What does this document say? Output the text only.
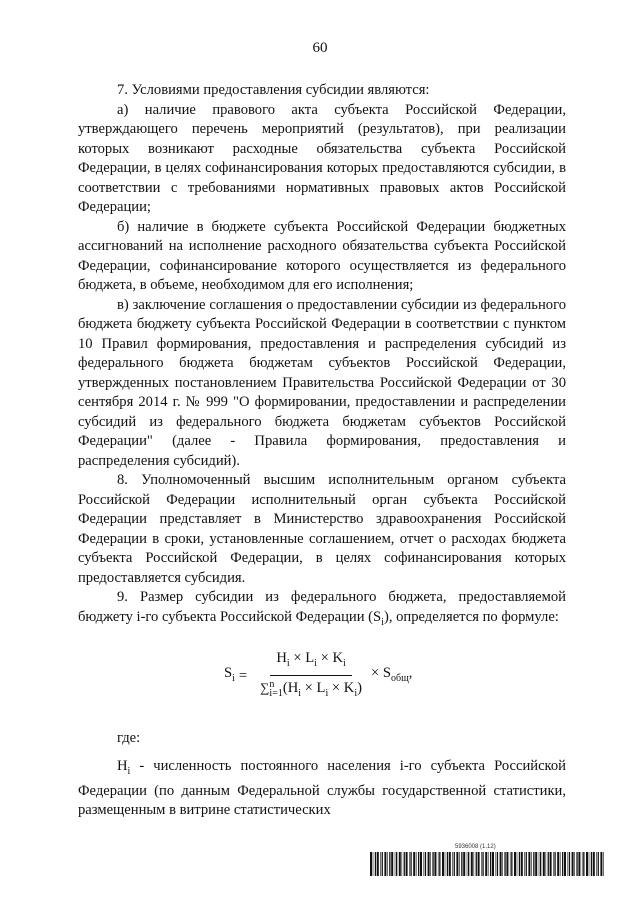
60

7. Условиями предоставления субсидии являются:

а) наличие правового акта субъекта Российской Федерации, утверждающего перечень мероприятий (результатов), при реализации которых возникают расходные обязательства субъекта Российской Федерации, в целях софинансирования которых предоставляются субсидии, в соответствии с требованиями нормативных правовых актов Российской Федерации;

б) наличие в бюджете субъекта Российской Федерации бюджетных ассигнований на исполнение расходного обязательства субъекта Российской Федерации, софинансирование которого осуществляется из федерального бюджета, в объеме, необходимом для его исполнения;

в) заключение соглашения о предоставлении субсидии из федерального бюджета бюджету субъекта Российской Федерации в соответствии с пунктом 10 Правил формирования, предоставления и распределения субсидий из федерального бюджета бюджетам субъектов Российской Федерации, утвержденных постановлением Правительства Российской Федерации от 30 сентября 2014 г. № 999 "О формировании, предоставлении и распределении субсидий из федерального бюджета бюджетам субъектов Российской Федерации" (далее - Правила формирования, предоставления и распределения субсидий).

8. Уполномоченный высшим исполнительным органом субъекта Российской Федерации исполнительный орган субъекта Российской Федерации представляет в Министерство здравоохранения Российской Федерации в сроки, установленные соглашением, отчет о расходах бюджета субъекта Российской Федерации, в целях софинансирования которых предоставляется субсидия.

9. Размер субсидии из федерального бюджета, предоставляемой бюджету i-го субъекта Российской Федерации $(S_i)$, определяется по формуле:

$S_i = H_i \times L_i \times K_i$
∑ n
i=1 $(H_i \times L_i \times K_i) \times S_{общ}$,

где:

$H_i$ - численность постоянного населения i-го субъекта Российской Федерации (по данным Федеральной службы государственной статистики, размещенным в витрине статистических

5936008 (1.12)
